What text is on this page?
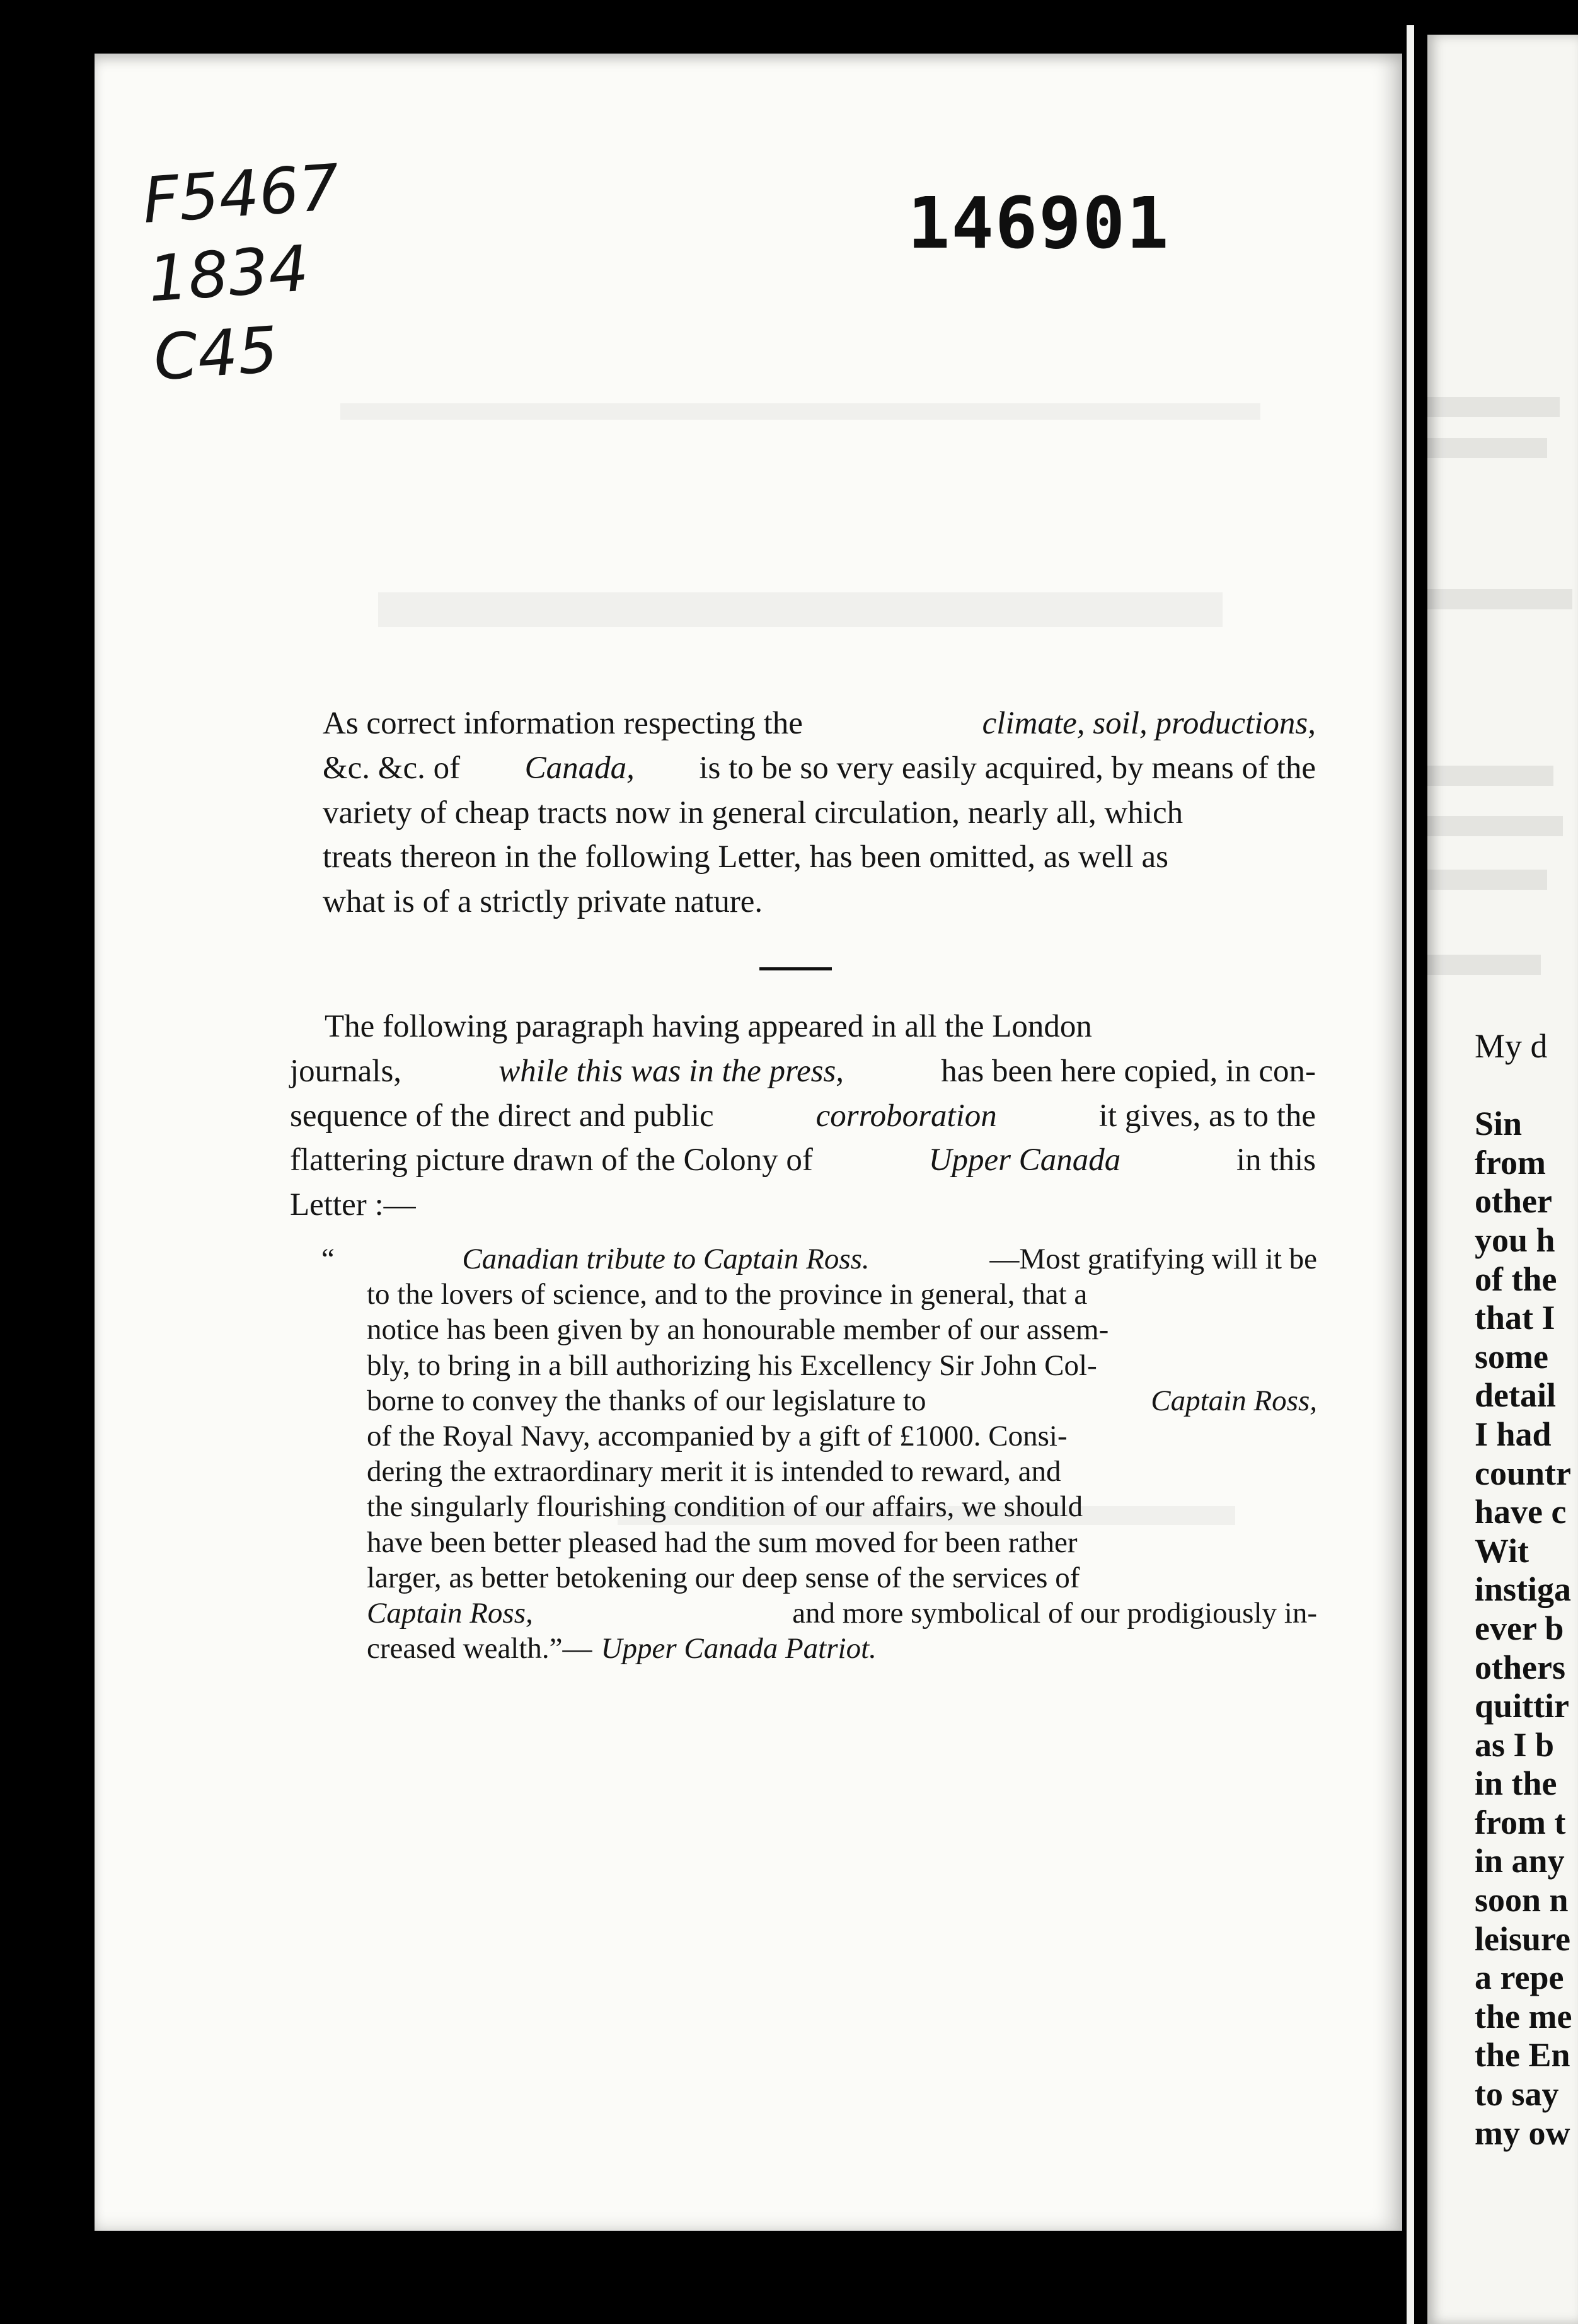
My d
Sin
from
other
you h
of the
that I
some
detail
I had
countr
have c
Wit
instiga
ever b
others
quittir
as I b
in the
from t
in any
soon n
leisure
a repe
the me
the En
to say
my ow
F5467
1834
C45
146901
As correct information respecting the	climate, soil, productions,
&c. &c. of Canada, is to be so very easily acquired, by means of the
variety of cheap tracts now in general circulation, nearly all, which
treats thereon in the following Letter, has been omitted, as well as
what is of a strictly private nature.
The following paragraph having appeared in all the London
journals,	while this was in the press,	has been here copied, in con-
sequence of the direct and public	corroboration	it gives, as to the
flattering picture drawn of the Colony of	Upper Canada	in this
Letter :—
“	Canadian tribute to Captain Ross.	—Most gratifying will it be
to the lovers of science, and to the province in general, that a
notice has been given by an honourable member of our assem-
bly, to bring in a bill authorizing his Excellency Sir John Col-
borne to convey the thanks of our legislature to	Captain Ross,
of the Royal Navy, accompanied by a gift of £1000. Consi-
dering the extraordinary merit it is intended to reward, and
the singularly flourishing condition of our affairs, we should
have been better pleased had the sum moved for been rather
larger, as better betokening our deep sense of the services of
Captain Ross,	and more symbolical of our prodigiously in-
creased wealth.”— Upper Canada Patriot.
